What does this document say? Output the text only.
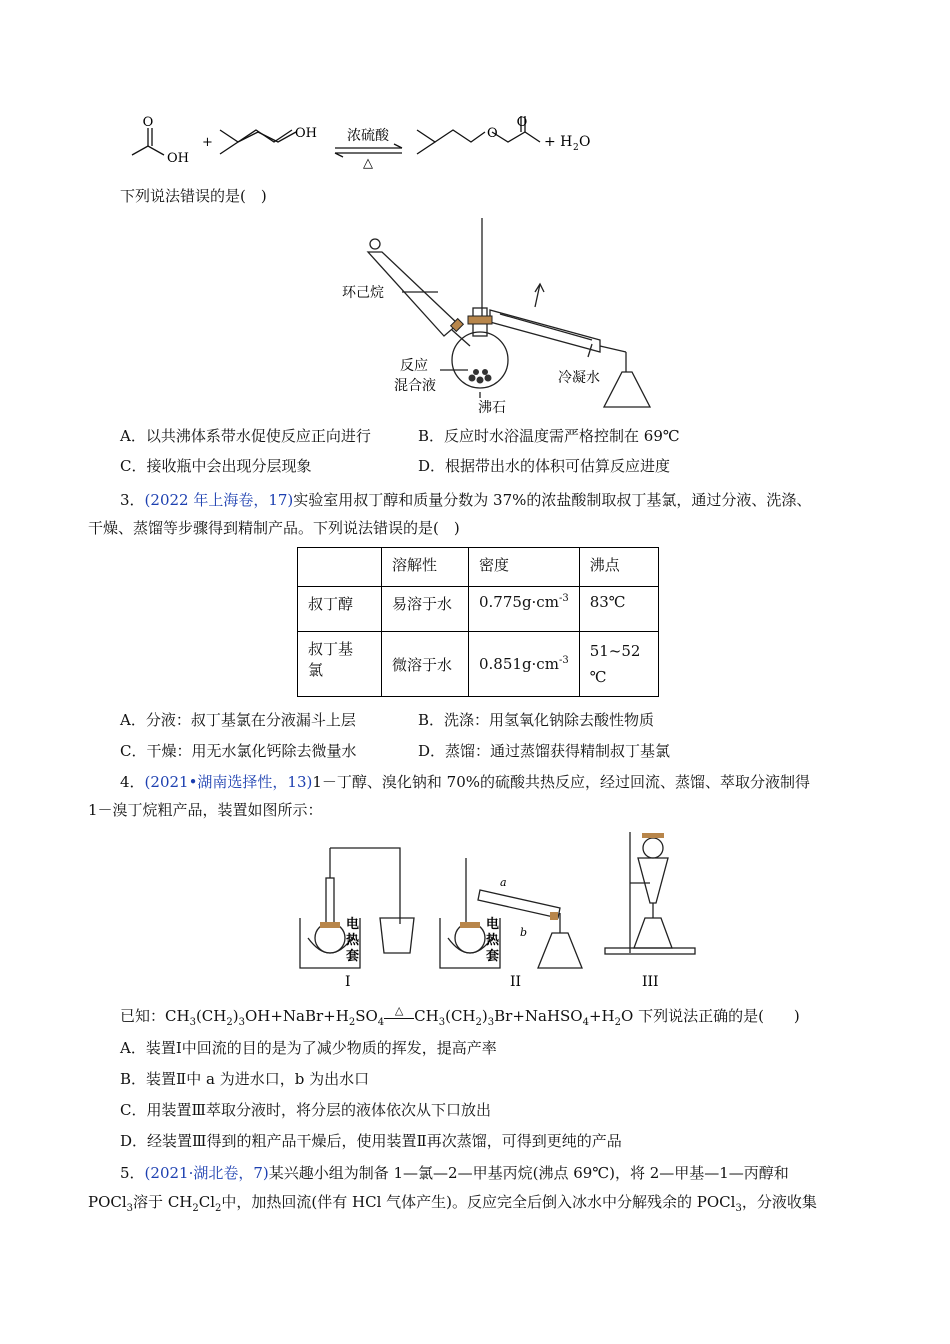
O
OH
+
OH	O
O
浓硫酸
△
+ H 2 O
下列说法错误的是(　)
环己烷
反应
混合液
沸石
冷凝水
A．以共沸体系带水促使反应正向进行	B．反应时水浴温度需严格控制在 69℃
C．接收瓶中会出现分层现象	D．根据带出水的体积可估算反应进度
3．(2022 年上海卷，17)实验室用叔丁醇和质量分数为 37%的浓盐酸制取叔丁基氯，通过分液、洗涤、
干燥、蒸馏等步骤得到精制产品。下列说法错误的是(　)
	溶解性	密度	沸点
叔丁醇	易溶于水	$0.775g\cdot cm^{-3}$	83℃
叔丁基
氯	微溶于水	$0.851g\cdot cm^{-3}$	51~52
℃
A．分液：叔丁基氯在分液漏斗上层	B．洗涤：用氢氧化钠除去酸性物质
C．干燥：用无水氯化钙除去微量水	D．蒸馏：通过蒸馏获得精制叔丁基氯
4．(2021•湖南选择性，13)1－丁醇、溴化钠和 70%的硫酸共热反应，经过回流、蒸馏、萃取分液制得
1－溴丁烷粗产品，装置如图所示：
电
热
套
电
热
套
a
b
I	II	III
已知：$CH_3(CH_2)_3OH+NaBr+H_2SO_4\triangle$ $CH_3(CH_2)_3Br+NaHSO_4+H_2O$ 下列说法正确的是(　　)
A．装置Ⅰ中回流的目的是为了减少物质的挥发，提高产率
B．装置Ⅱ中 a 为进水口，b 为出水口
C．用装置Ⅲ萃取分液时，将分层的液体依次从下口放出
D．经装置Ⅲ得到的粗产品干燥后，使用装置Ⅱ再次蒸馏，可得到更纯的产品
5．(2021·湖北卷，7)某兴趣小组为制备 1—氯—2—甲基丙烷(沸点 69℃)，将 2—甲基—1—丙醇和
POCl$_3$溶于 $CH_2Cl_2$中，加热回流(伴有 HCl 气体产生)。反应完全后倒入冰水中分解残余的 POCl$_3$，分液收集
